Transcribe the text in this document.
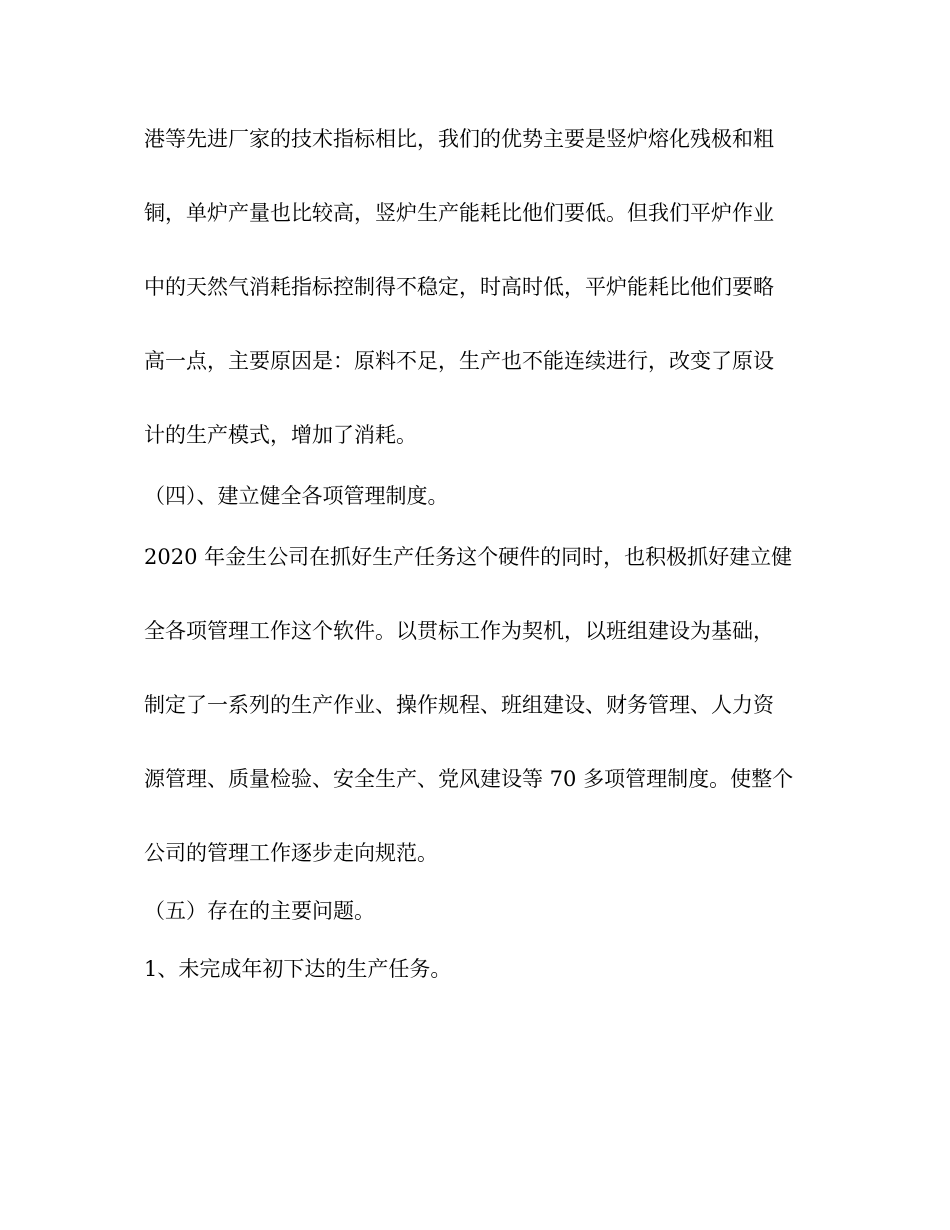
港等先进厂家的技术指标相比，我们的优势主要是竖炉熔化残极和粗

铜，单炉产量也比较高，竖炉生产能耗比他们要低。但我们平炉作业

中的天然气消耗指标控制得不稳定，时高时低，平炉能耗比他们要略

高一点，主要原因是：原料不足，生产也不能连续进行，改变了原设

计的生产模式，增加了消耗。

（四）、建立健全各项管理制度。

2020 年金生公司在抓好生产任务这个硬件的同时，也积极抓好建立健

全各项管理工作这个软件。以贯标工作为契机，以班组建设为基础，

制定了一系列的生产作业、操作规程、班组建设、财务管理、人力资

源管理、质量检验、安全生产、党风建设等 70 多项管理制度。使整个

公司的管理工作逐步走向规范。

（五）存在的主要问题。

1、未完成年初下达的生产任务。
